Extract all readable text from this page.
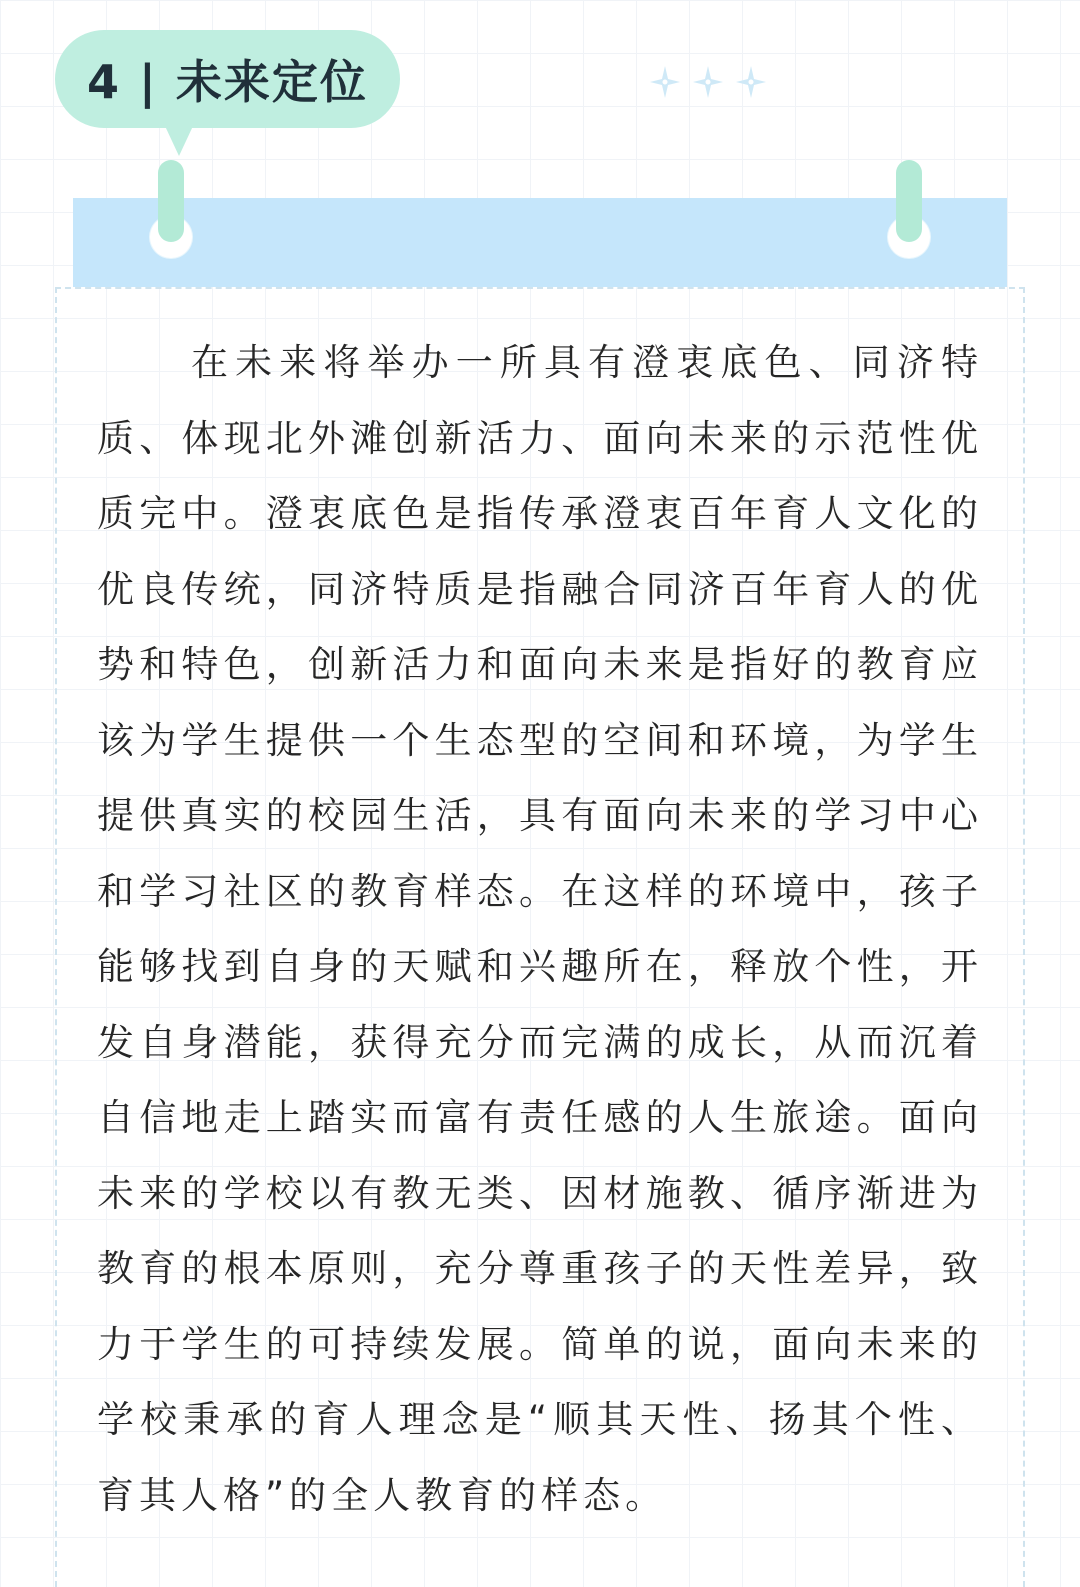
4 | 未来定位

在未来将举办一所具有澄衷底色、同济特质、体现北外滩创新活力、面向未来的示范性优质完中。澄衷底色是指传承澄衷百年育人文化的优良传统，同济特质是指融合同济百年育人的优势和特色，创新活力和面向未来是指好的教育应该为学生提供一个生态型的空间和环境，为学生提供真实的校园生活，具有面向未来的学习中心和学习社区的教育样态。在这样的环境中，孩子能够找到自身的天赋和兴趣所在，释放个性，开发自身潜能，获得充分而完满的成长，从而沉着自信地走上踏实而富有责任感的人生旅途。面向未来的学校以有教无类、因材施教、循序渐进为教育的根本原则，充分尊重孩子的天性差异，致力于学生的可持续发展。简单的说，面向未来的学校秉承的育人理念是“顺其天性、扬其个性、育其人格”的全人教育的样态。
